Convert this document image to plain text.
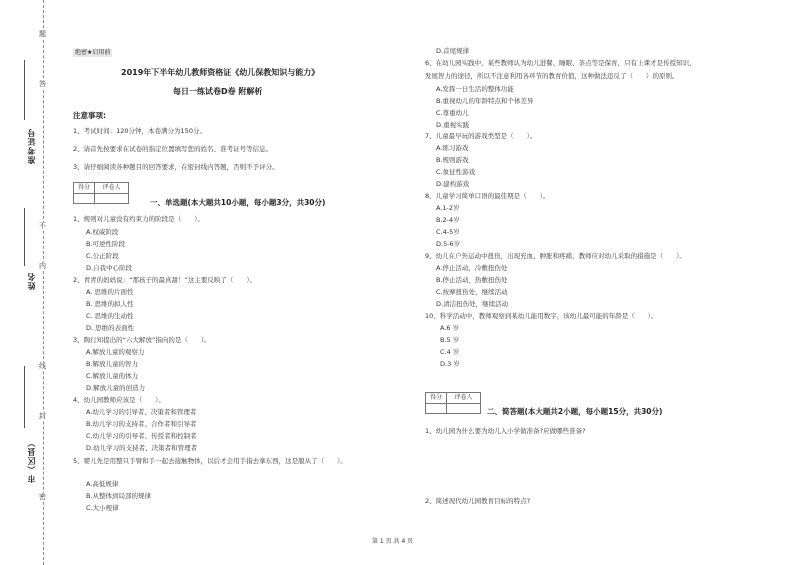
题
答
不
内
线
封
密
准考证号
姓名
市（区县）
绝密★启用前
2019年下半年幼儿教师资格证《幼儿保教知识与能力》
每日一练试卷D卷 附解析
注意事项:
1、考试时间：120分钟，本卷满分为150分。
2、请首先按要求在试卷的指定位置填写您的姓名、准考证号等信息。
3、请仔细阅读各种题目的回答要求，在密封线内答题，否则不予评分。
得分	评卷人
一、单选题(本大题共10小题，每小题3分，共30分)
1、规则对儿童没有约束力的阶段是（　　）。
A.权威阶段
B.可逆性阶段
C.公正阶段
D.自我中心阶段
2、青青的妈妈说：“那孩子的最真甜！”这主要反映了（　　）。
A. 思维的片面性
B. 思维的拟人性
C. 思维的生动性
D. 思维的表面性
3、陶行知提出的“六大解放”指向的是（　　）。
A.解放儿童的观察力
B.解放儿童的智力
C.解放儿童的体力
D.解放儿童的创造力
4、幼儿园教师应该是（　　）。
A.幼儿学习的引导者、决策者和管理者
B.幼儿学习的支持者、合作者和引导者
C.幼儿学习的引导者、传授者和控制者
D.幼儿学习的支持者、决策者和管理者
5、婴儿先是用整只手臂和手一起去接触物体，以后才会用手指去拿东西，这是服从了（　　）。
A.高低规律
B.从整体到局部的规律
C.大小规律
D.首尾规律
6、在幼儿园实践中，某些教师认为幼儿进餐、睡眠、茶点等是保育，只有上课才是传授知识、
发展智力的途径，所以不注意利用各环节的教育价值，这种做法违反了（　　）的原则。
A.发挥一日生活的整体功能
B.重视幼儿的年龄特点和个体差异
C.尊重幼儿
D.重视实践
7、儿童最早玩的游戏类型是（　　）。
A.练习游戏
B.规则游戏
C.象征性游戏
D.建构游戏
8、儿童学习简单口语的最佳期是（　　）。
A.1-2岁
B.2-4岁
C.4-5岁
D.5-6岁
9、幼儿在户外运动中扭伤，出现充血、肿胀和疼痛，教师应对幼儿采取的措施是（　　）。
A.停止活动，冷敷扭伤处
B.停止活动，热敷扭伤处
C.按摩扭伤处，继续活动
D.清洁扭伤处，继续活动
10、科学活动中，教师观察到某幼儿能用数字，该幼儿最可能的年龄是（　　）。
A.6 岁
B.5 岁
C.4 岁
D.3 岁
得分	评卷人
二、简答题(本大题共2小题，每小题15分，共30分)
1、幼儿园为什么要为幼儿入小学做准备?应做哪些准备?
2、简述现代幼儿园教育目标的特点?
第 1 页 共 4 页
